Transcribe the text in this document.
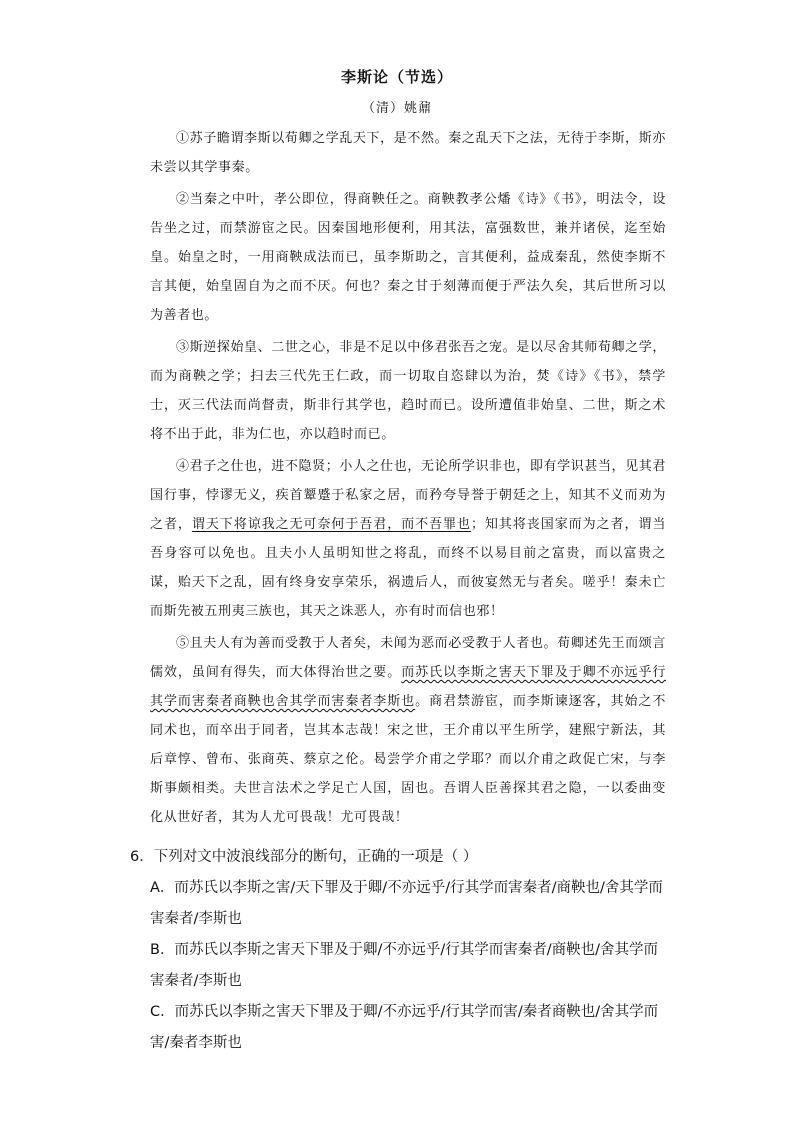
李斯论（节选）
（清）姚鼐

①苏子瞻谓李斯以荀卿之学乱天下，是不然。秦之乱天下之法，无待于李斯，斯亦未尝以其学事秦。

②当秦之中叶，孝公即位，得商鞅任之。商鞅教孝公燔《诗》《书》，明法令，设告坐之过，而禁游宦之民。因秦国地形便利，用其法，富强数世，兼并诸侯，迄至始皇。始皇之时，一用商鞅成法而已，虽李斯助之，言其便利，益成秦乱，然使李斯不言其便，始皇固自为之而不厌。何也？秦之甘于刻薄而便于严法久矣，其后世所习以为善者也。

③斯逆探始皇、二世之心，非是不足以中侈君张吾之宠。是以尽舍其师荀卿之学，而为商鞅之学；扫去三代先王仁政，而一切取自恣肆以为治，焚《诗》《书》，禁学士，灭三代法而尚督责，斯非行其学也，趋时而已。设所遭值非始皇、二世，斯之术将不出于此，非为仁也，亦以趋时而已。

④君子之仕也，进不隐贤；小人之仕也，无论所学识非也，即有学识甚当，见其君国行事，悖谬无义，疾首颦蹙于私家之居，而矜夸导誉于朝廷之上，知其不义而劝为之者，谓天下将谅我之无可奈何于吾君，而不吾罪也；知其将丧国家而为之者，谓当吾身容可以免也。且夫小人虽明知世之将乱，而终不以易目前之富贵，而以富贵之谋，贻天下之乱，固有终身安享荣乐，祸遗后人，而彼宴然无与者矣。嗟乎！秦未亡而斯先被五刑夷三族也，其天之诛恶人，亦有时而信也邪！

⑤且夫人有为善而受教于人者矣，未闻为恶而必受教于人者也。荀卿述先王而颂言儒效，虽间有得失，而大体得治世之要。而苏氏以李斯之害天下罪及于卿不亦远乎行其学而害秦者商鞅也舍其学而害秦者李斯也。商君禁游宦，而李斯谏逐客，其始之不同术也，而卒出于同者，岂其本志哉！宋之世，王介甫以平生所学，建熙宁新法，其后章惇、曾布、张商英、蔡京之伦。曷尝学介甫之学耶？而以介甫之政促亡宋，与李斯事颇相类。夫世言法术之学足亡人国，固也。吾谓人臣善探其君之隐，一以委曲变化从世好者，其为人尤可畏哉！尤可畏哉！

6．下列对文中波浪线部分的断句，正确的一项是（ ）

A．而苏氏以李斯之害/天下罪及于卿/不亦远乎/行其学而害秦者/商鞅也/舍其学而害秦者/李斯也

B．而苏氏以李斯之害天下罪及于卿/不亦远乎/行其学而害秦者/商鞅也/舍其学而害秦者/李斯也

C．而苏氏以李斯之害天下罪及于卿/不亦远乎/行其学而害/秦者商鞅也/舍其学而害/秦者李斯也
